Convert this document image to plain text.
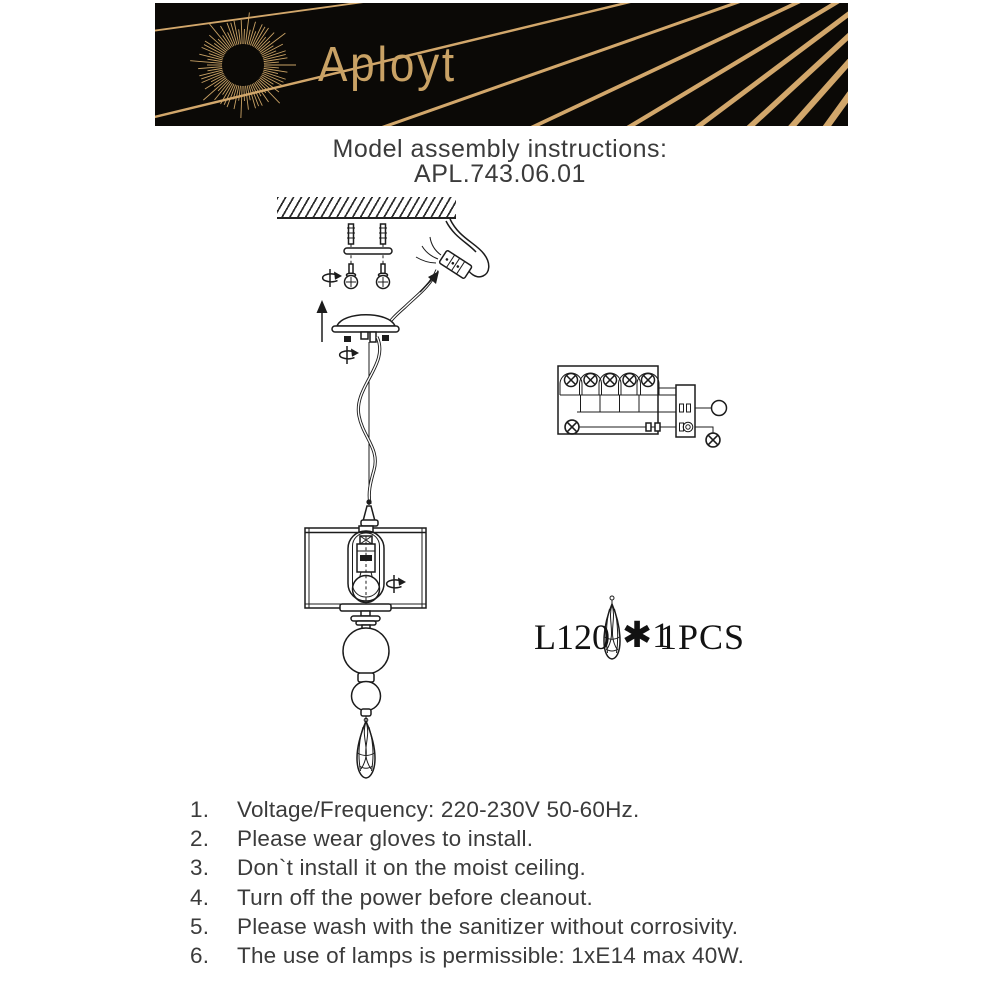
Aployt
Model assembly instructions:
APL.743.06.01
L120 ✱1
1PCS
1.	Voltage/Frequency: 220-230V 50-60Hz.
2.	Please wear gloves to install.
3.	Don`t install it on the moist ceiling.
4.	Turn off the power before cleanout.
5.	Please wash with the sanitizer without corrosivity.
6.	The use of lamps is permissible: 1xE14 max 40W.
